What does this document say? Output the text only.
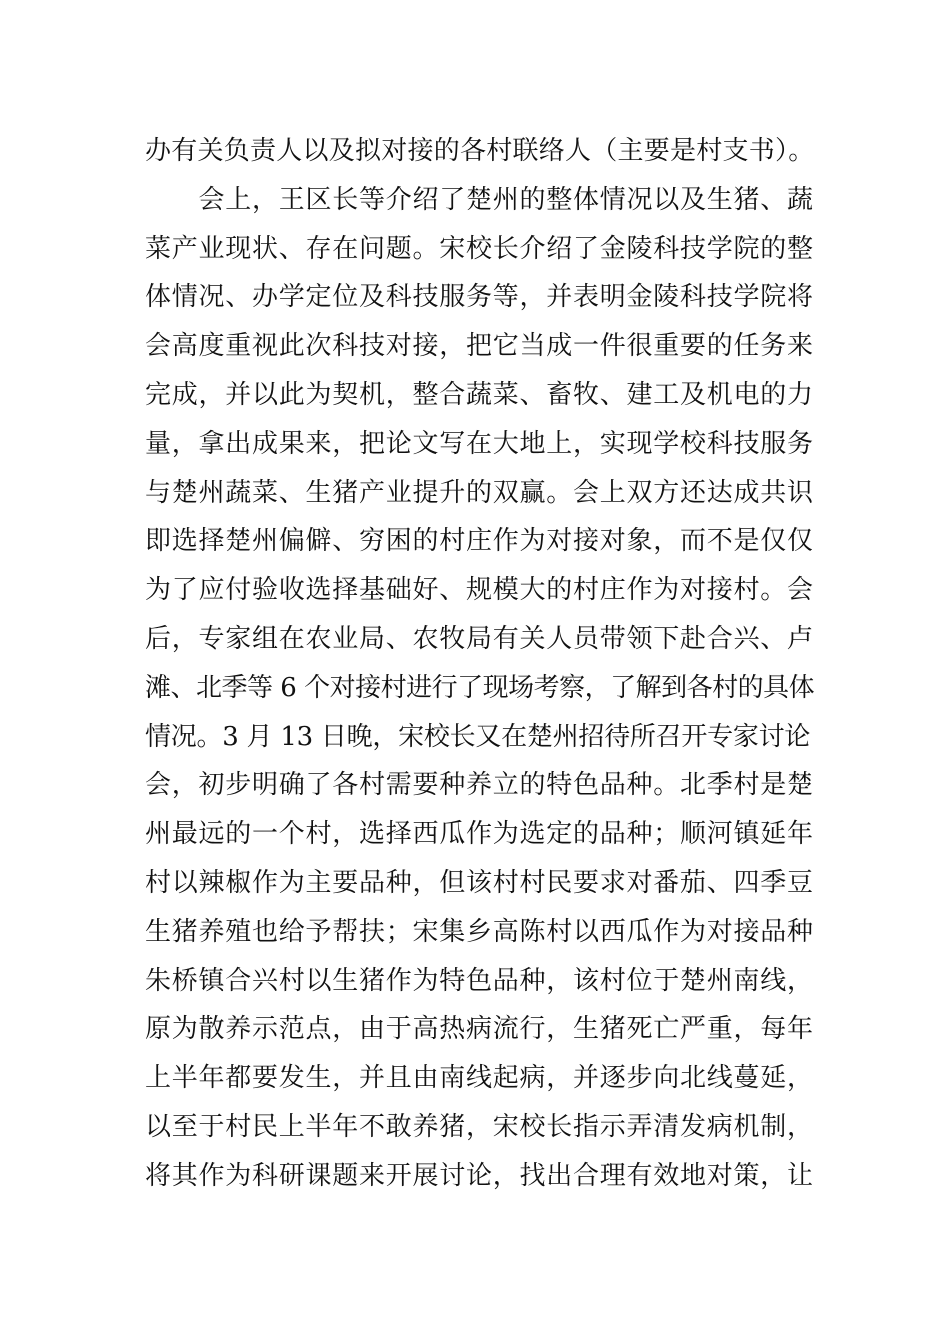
办有关负责人以及拟对接的各村联络人（主要是村支书）。
　　会上，王区长等介绍了楚州的整体情况以及生猪、蔬
菜产业现状、存在问题。宋校长介绍了金陵科技学院的整
体情况、办学定位及科技服务等，并表明金陵科技学院将
会高度重视此次科技对接，把它当成一件很重要的任务来
完成，并以此为契机，整合蔬菜、畜牧、建工及机电的力
量，拿出成果来，把论文写在大地上，实现学校科技服务
与楚州蔬菜、生猪产业提升的双赢。会上双方还达成共识
即选择楚州偏僻、穷困的村庄作为对接对象，而不是仅仅
为了应付验收选择基础好、规模大的村庄作为对接村。会
后，专家组在农业局、农牧局有关人员带领下赴合兴、卢
滩、北季等 6 个对接村进行了现场考察，了解到各村的具体
情况。3 月 13 日晚，宋校长又在楚州招待所召开专家讨论
会，初步明确了各村需要种养立的特色品种。北季村是楚
州最远的一个村，选择西瓜作为选定的品种；顺河镇延年
村以辣椒作为主要品种，但该村村民要求对番茄、四季豆
生猪养殖也给予帮扶；宋集乡高陈村以西瓜作为对接品种
朱桥镇合兴村以生猪作为特色品种，该村位于楚州南线，
原为散养示范点，由于高热病流行，生猪死亡严重，每年
上半年都要发生，并且由南线起病，并逐步向北线蔓延，
以至于村民上半年不敢养猪，宋校长指示弄清发病机制，
将其作为科研课题来开展讨论，找出合理有效地对策，让
